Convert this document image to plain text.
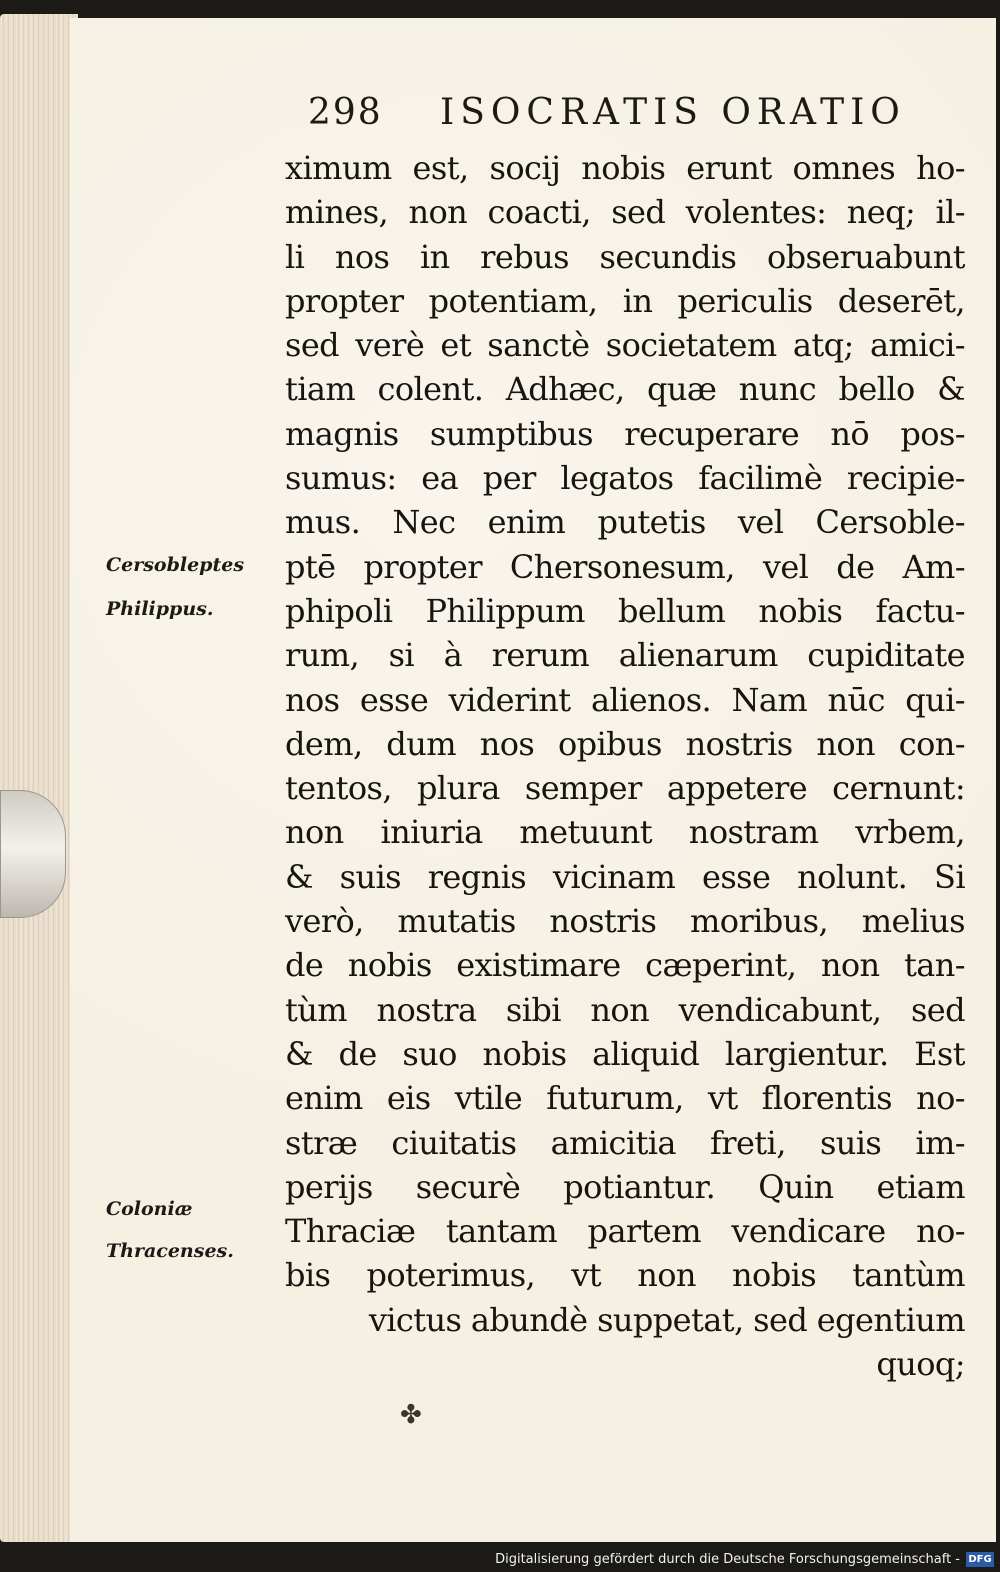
298 ISOCRATIS ORATIO
ximum est, socij nobis erunt omnes ho-
mines, non coacti, sed volentes: neq; il-
li nos in rebus secundis obseruabunt
propter potentiam, in periculis deserēt,
sed verè et sanctè societatem atq; amici-
tiam colent. Adhæc, quæ nunc bello &
magnis sumptibus recuperare nō pos-
sumus: ea per legatos facilimè recipie-
mus. Nec enim putetis vel Cersoble-
ptē propter Chersonesum, vel de Am-
phipoli Philippum bellum nobis factu-
rum, si à rerum alienarum cupiditate
nos esse viderint alienos. Nam nūc qui-
dem, dum nos opibus nostris non con-
tentos, plura semper appetere cernunt:
non iniuria metuunt nostram vrbem,
& suis regnis vicinam esse nolunt. Si
verò, mutatis nostris moribus, melius
de nobis existimare cæperint, non tan-
tùm nostra sibi non vendicabunt, sed
& de suo nobis aliquid largientur. Est
enim eis vtile futurum, vt florentis no-
stræ ciuitatis amicitia freti, suis im-
perijs securè potiantur. Quin etiam
Thraciæ tantam partem vendicare no-
bis poterimus, vt non nobis tantùm
victus abundè suppetat, sed egentium
quoq;
Cersobleptes
Philippus.
Coloniæ
Thracenses.
✤
Digitalisierung gefördert durch die Deutsche Forschungsgemeinschaft - DFG
